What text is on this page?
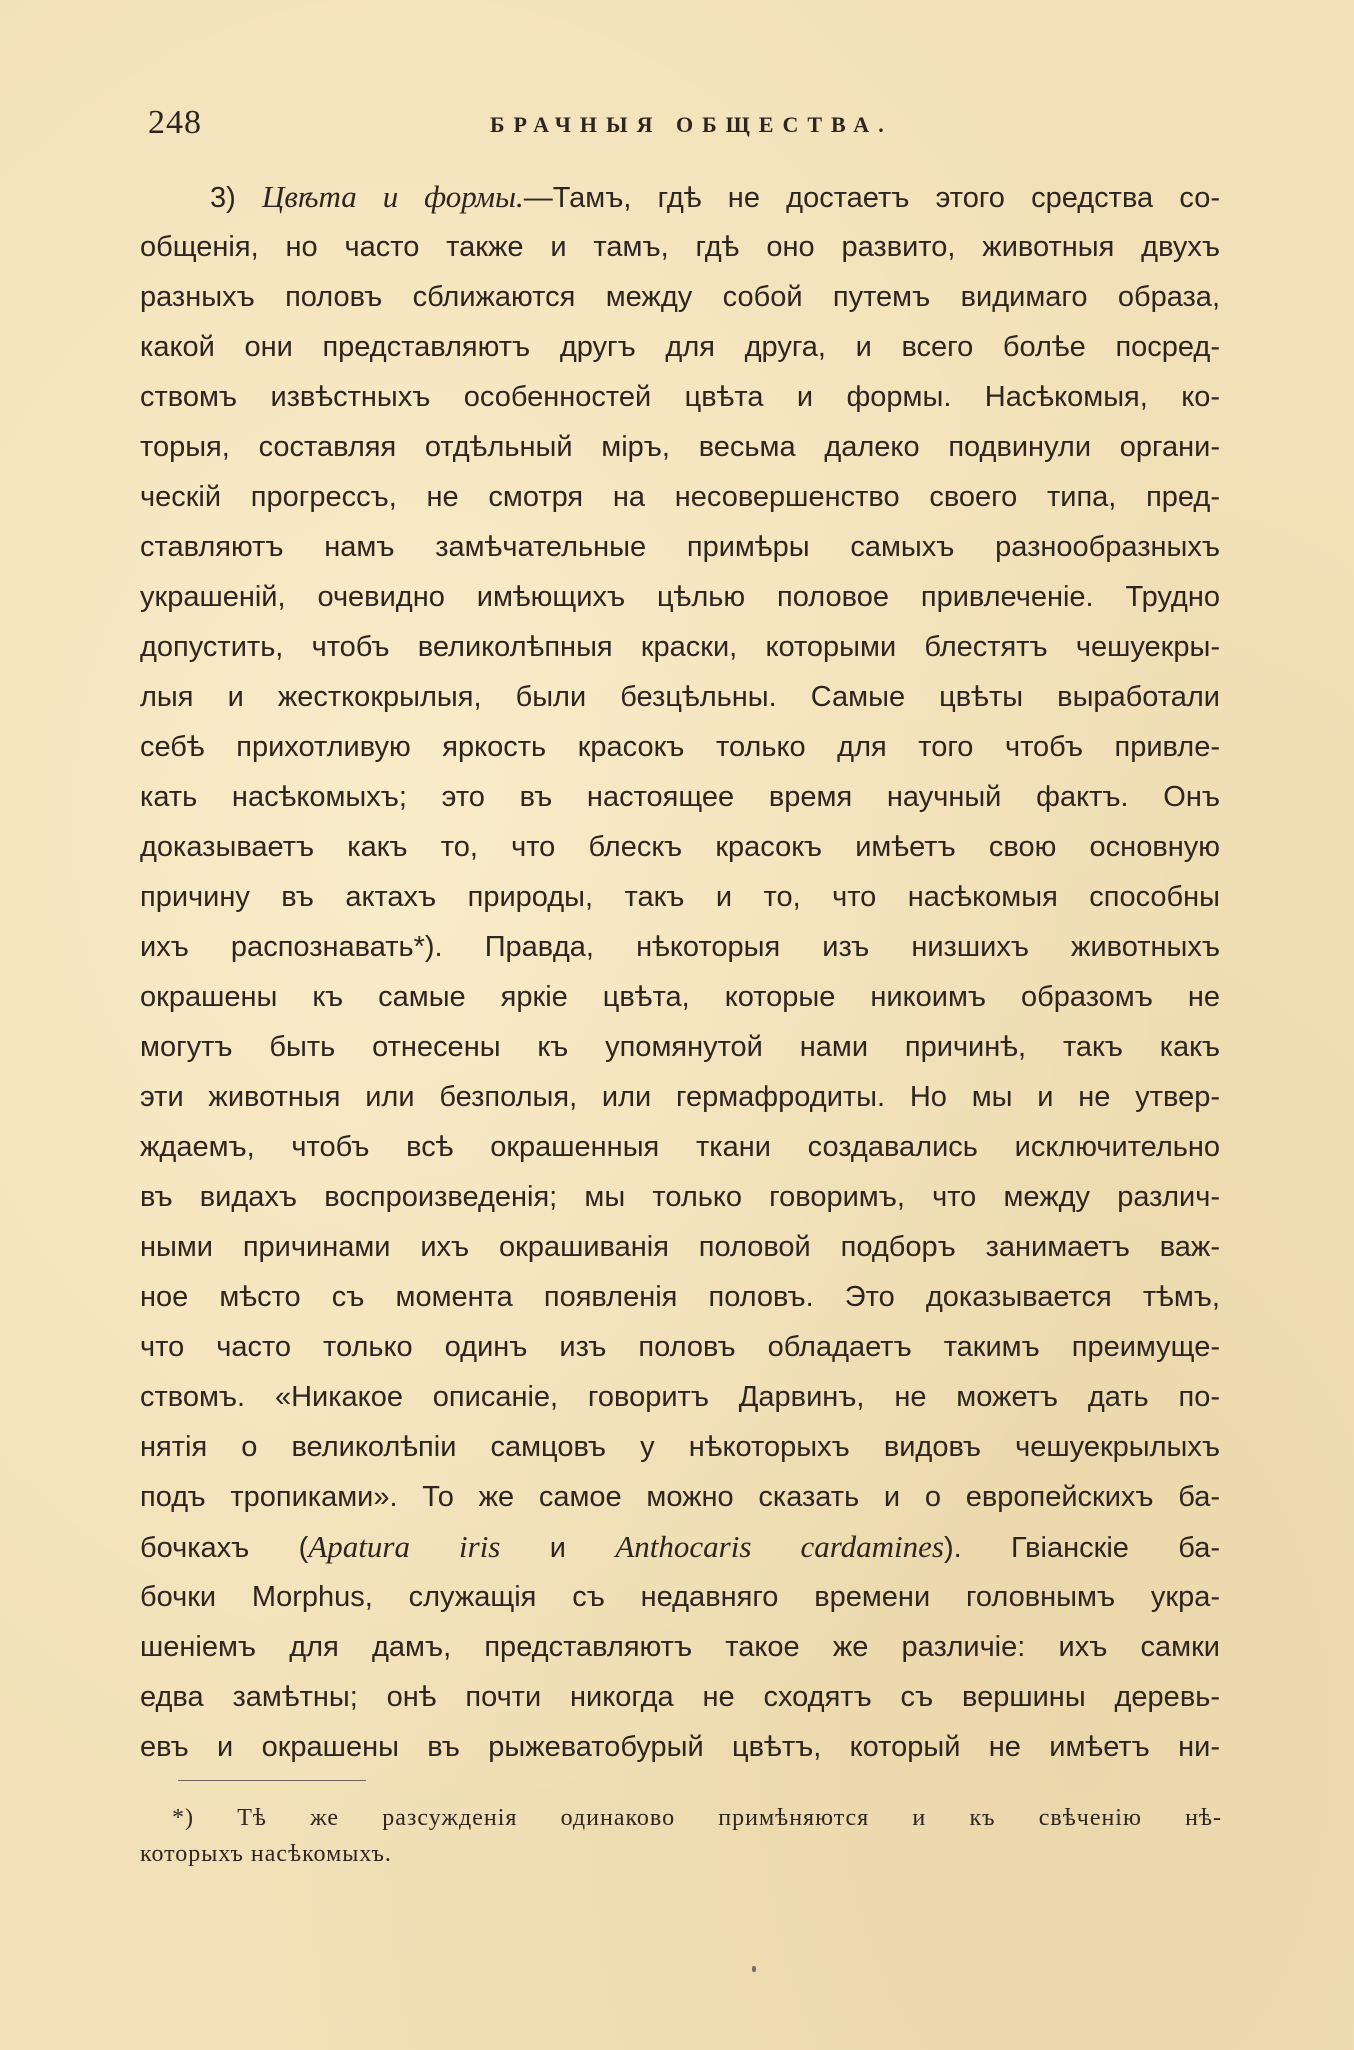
248	БРАЧНЫЯ ОБЩЕСТВА.
3) Цвѣта и формы.—Тамъ, гдѣ не достаетъ этого средства со-
общенія, но часто также и тамъ, гдѣ оно развито, животныя двухъ
разныхъ половъ сближаются между собой путемъ видимаго образа,
какой они представляютъ другъ для друга, и всего болѣе посред-
ствомъ извѣстныхъ особенностей цвѣта и формы. Насѣкомыя, ко-
торыя, составляя отдѣльный міръ, весьма далеко подвинули органи-
ческій прогрессъ, не смотря на несовершенство своего типа, пред-
ставляютъ намъ замѣчательные примѣры самыхъ разнообразныхъ
украшеній, очевидно имѣющихъ цѣлью половое привлеченіе. Трудно
допустить, чтобъ великолѣпныя краски, которыми блестятъ чешуекры-
лыя и жесткокрылыя, были безцѣльны. Самые цвѣты выработали
себѣ прихотливую яркость красокъ только для того чтобъ привле-
кать насѣкомыхъ; это въ настоящее время научный фактъ. Онъ
доказываетъ какъ то, что блескъ красокъ имѣетъ свою основную
причину въ актахъ природы, такъ и то, что насѣкомыя способны
ихъ распознавать*). Правда, нѣкоторыя изъ низшихъ животныхъ
окрашены къ самые яркіе цвѣта, которые никоимъ образомъ не
могутъ быть отнесены къ упомянутой нами причинѣ, такъ какъ
эти животныя или безполыя, или гермафродиты. Но мы и не утвер-
ждаемъ, чтобъ всѣ окрашенныя ткани создавались исключительно
въ видахъ воспроизведенія; мы только говоримъ, что между различ-
ными причинами ихъ окрашиванія половой подборъ занимаетъ важ-
ное мѣсто съ момента появленія половъ. Это доказывается тѣмъ,
что часто только одинъ изъ половъ обладаетъ такимъ преимуще-
ствомъ. «Никакое описаніе, говоритъ Дарвинъ, не можетъ дать по-
нятія о великолѣпіи самцовъ у нѣкоторыхъ видовъ чешуекрылыхъ
подъ тропиками». То же самое можно сказать и о европейскихъ ба-
бочкахъ (Apatura iris и Anthocaris cardamines). Гвіанскіе ба-
бочки Morphus, служащія съ недавняго времени головнымъ укра-
шеніемъ для дамъ, представляютъ такое же различіе: ихъ самки
едва замѣтны; онѣ почти никогда не сходятъ съ вершины деревь-
евъ и окрашены въ рыжеватобурый цвѣтъ, который не имѣетъ ни-
*) Тѣ же разсужденія одинаково примѣняются и къ свѣченію нѣ-
которыхъ насѣкомыхъ.
